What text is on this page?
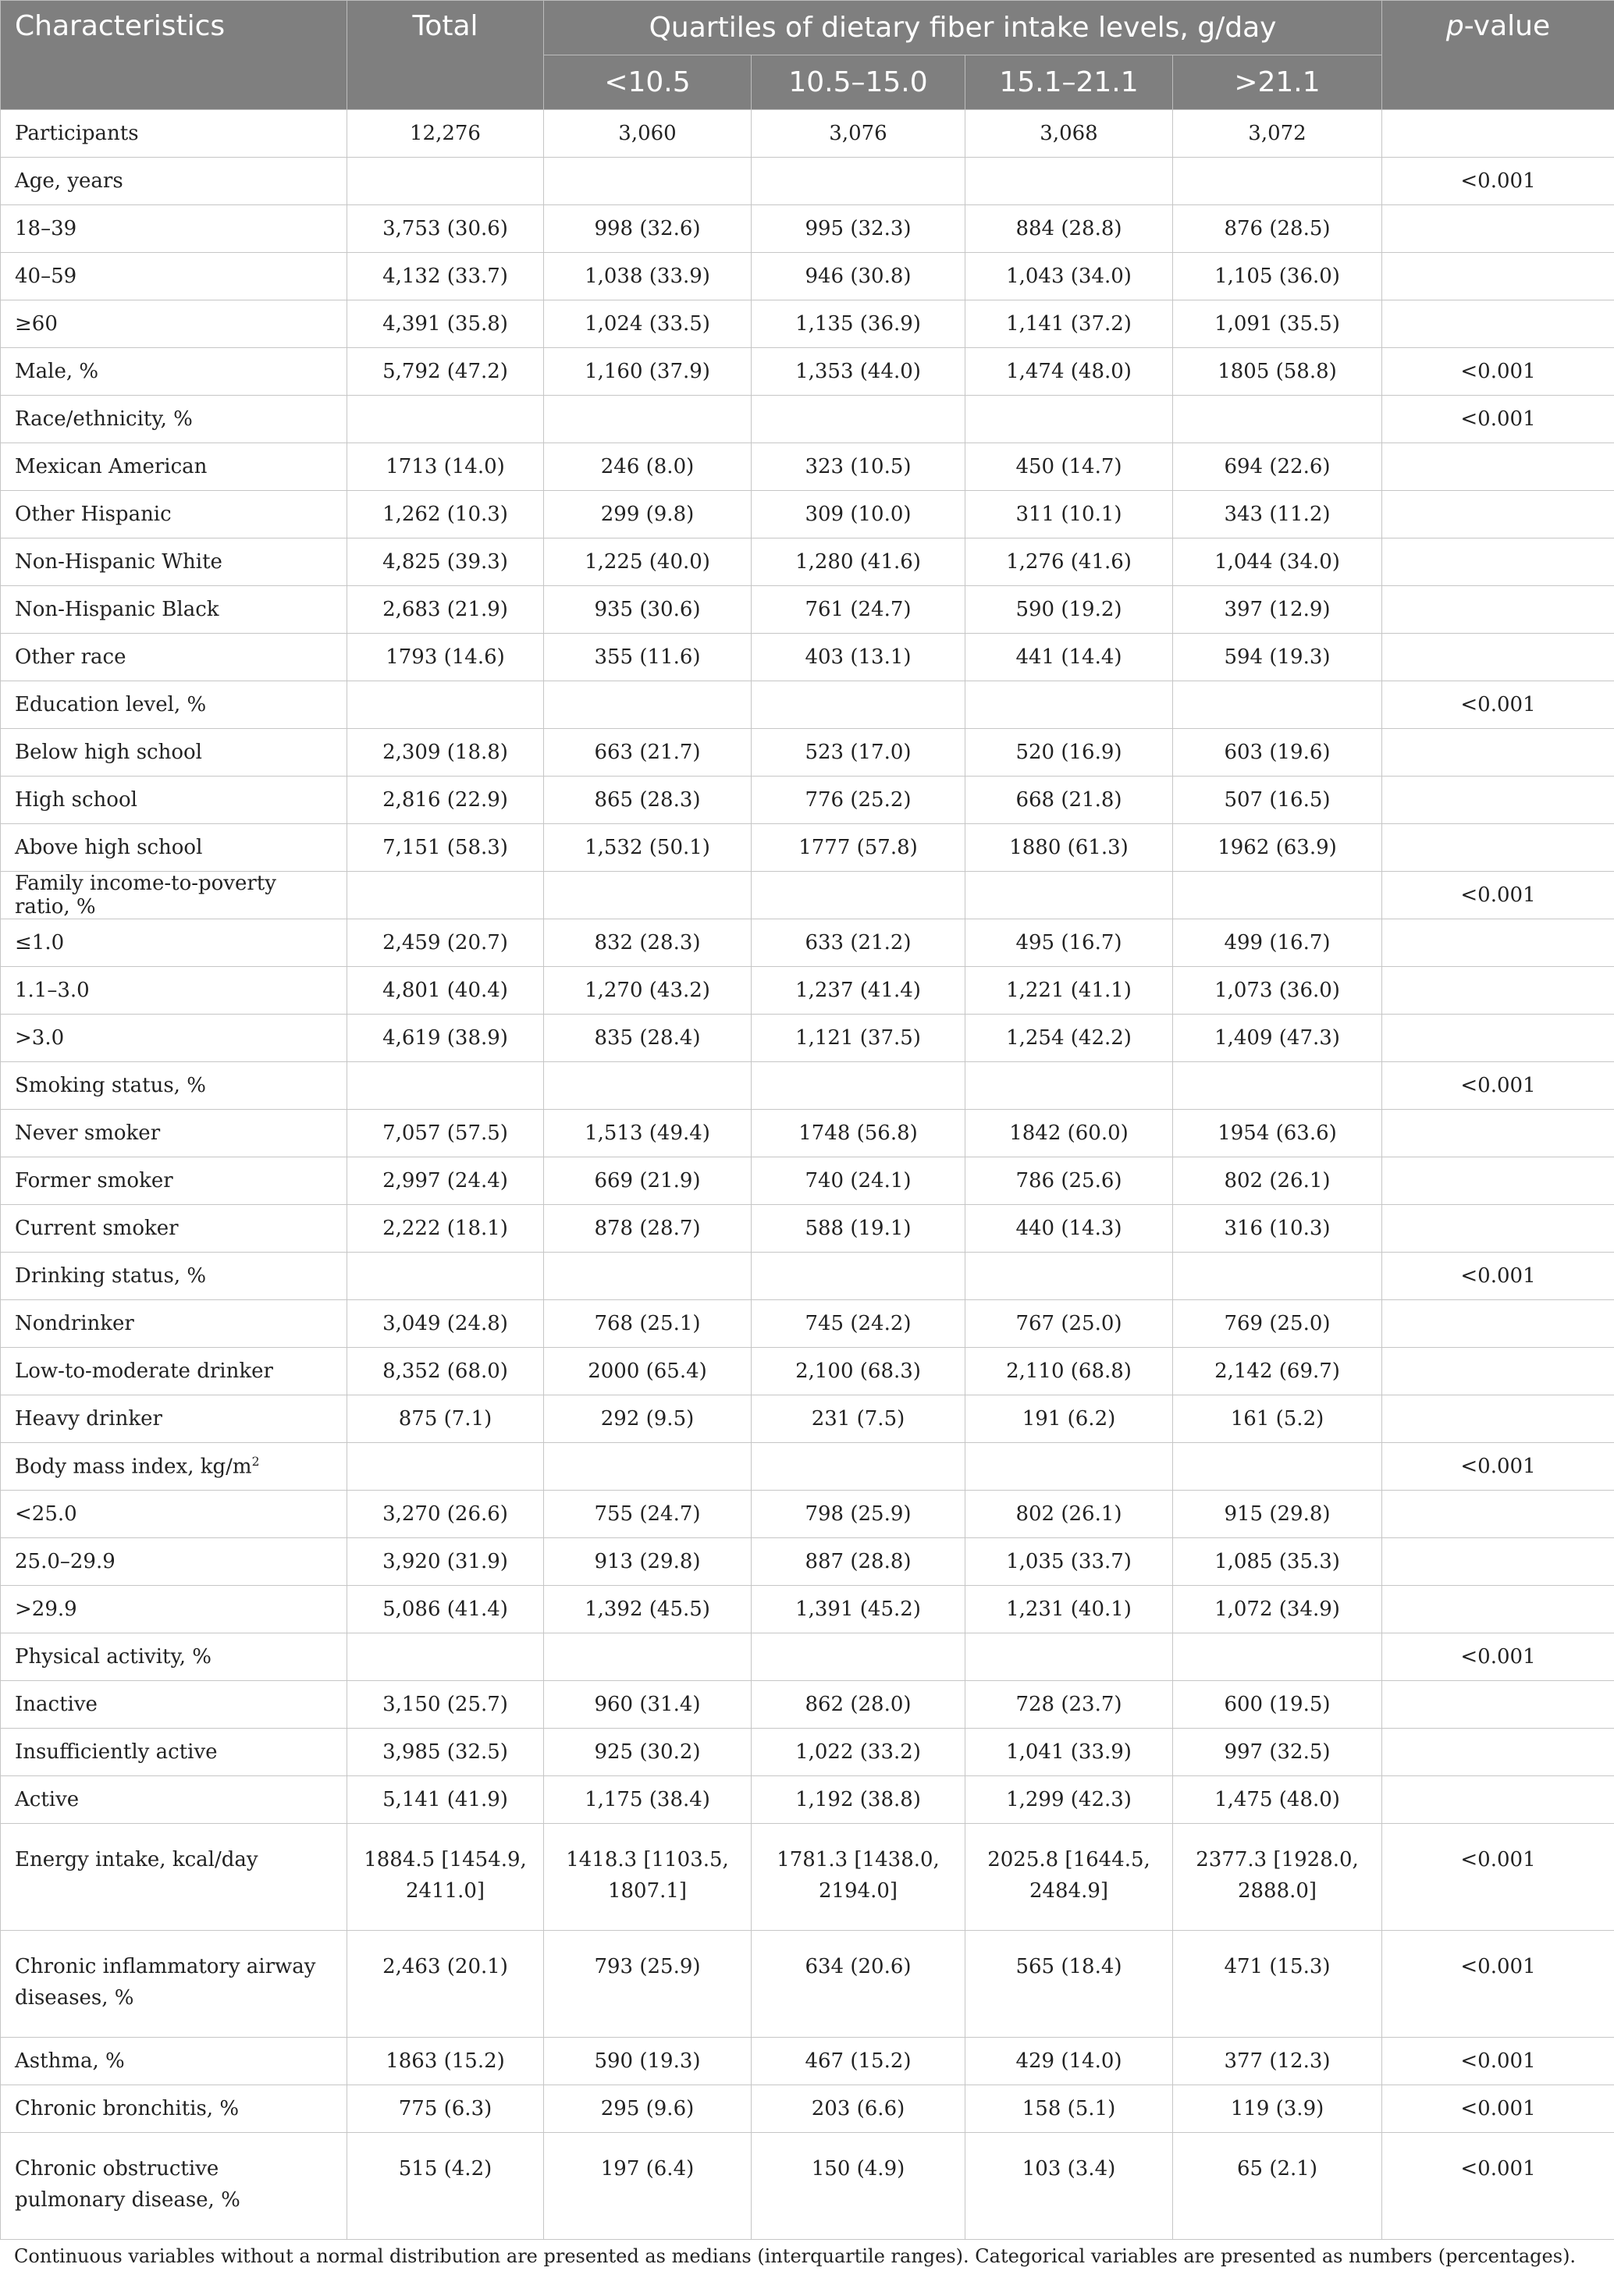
Characteristics	Total	Quartiles of dietary fiber intake levels, g/day				p-value
		<10.5	10.5–15.0	15.1–21.1	>21.1	
Participants	12,276	3,060	3,076	3,068	3,072	
Age, years						<0.001
18–39	3,753 (30.6)	998 (32.6)	995 (32.3)	884 (28.8)	876 (28.5)	
40–59	4,132 (33.7)	1,038 (33.9)	946 (30.8)	1,043 (34.0)	1,105 (36.0)	
≥60	4,391 (35.8)	1,024 (33.5)	1,135 (36.9)	1,141 (37.2)	1,091 (35.5)	
Male, %	5,792 (47.2)	1,160 (37.9)	1,353 (44.0)	1,474 (48.0)	1805 (58.8)	<0.001
Race/ethnicity, %						<0.001
Mexican American	1713 (14.0)	246 (8.0)	323 (10.5)	450 (14.7)	694 (22.6)	
Other Hispanic	1,262 (10.3)	299 (9.8)	309 (10.0)	311 (10.1)	343 (11.2)	
Non-Hispanic White	4,825 (39.3)	1,225 (40.0)	1,280 (41.6)	1,276 (41.6)	1,044 (34.0)	
Non-Hispanic Black	2,683 (21.9)	935 (30.6)	761 (24.7)	590 (19.2)	397 (12.9)	
Other race	1793 (14.6)	355 (11.6)	403 (13.1)	441 (14.4)	594 (19.3)	
Education level, %						<0.001
Below high school	2,309 (18.8)	663 (21.7)	523 (17.0)	520 (16.9)	603 (19.6)	
High school	2,816 (22.9)	865 (28.3)	776 (25.2)	668 (21.8)	507 (16.5)	
Above high school	7,151 (58.3)	1,532 (50.1)	1777 (57.8)	1880 (61.3)	1962 (63.9)	
Family income-to-poverty ratio, %						<0.001
≤1.0	2,459 (20.7)	832 (28.3)	633 (21.2)	495 (16.7)	499 (16.7)	
1.1–3.0	4,801 (40.4)	1,270 (43.2)	1,237 (41.4)	1,221 (41.1)	1,073 (36.0)	
>3.0	4,619 (38.9)	835 (28.4)	1,121 (37.5)	1,254 (42.2)	1,409 (47.3)	
Smoking status, %						<0.001
Never smoker	7,057 (57.5)	1,513 (49.4)	1748 (56.8)	1842 (60.0)	1954 (63.6)	
Former smoker	2,997 (24.4)	669 (21.9)	740 (24.1)	786 (25.6)	802 (26.1)	
Current smoker	2,222 (18.1)	878 (28.7)	588 (19.1)	440 (14.3)	316 (10.3)	
Drinking status, %						<0.001
Nondrinker	3,049 (24.8)	768 (25.1)	745 (24.2)	767 (25.0)	769 (25.0)	
Low-to-moderate drinker	8,352 (68.0)	2000 (65.4)	2,100 (68.3)	2,110 (68.8)	2,142 (69.7)	
Heavy drinker	875 (7.1)	292 (9.5)	231 (7.5)	191 (6.2)	161 (5.2)	
Body mass index, $kg/m^2$						<0.001
<25.0	3,270 (26.6)	755 (24.7)	798 (25.9)	802 (26.1)	915 (29.8)	
25.0–29.9	3,920 (31.9)	913 (29.8)	887 (28.8)	1,035 (33.7)	1,085 (35.3)	
>29.9	5,086 (41.4)	1,392 (45.5)	1,391 (45.2)	1,231 (40.1)	1,072 (34.9)	
Physical activity, %						<0.001
Inactive	3,150 (25.7)	960 (31.4)	862 (28.0)	728 (23.7)	600 (19.5)	
Insufficiently active	3,985 (32.5)	925 (30.2)	1,022 (33.2)	1,041 (33.9)	997 (32.5)	
Active	5,141 (41.9)	1,175 (38.4)	1,192 (38.8)	1,299 (42.3)	1,475 (48.0)	
Energy intake, kcal/day	1884.5 [1454.9, 2411.0]	1418.3 [1103.5, 1807.1]	1781.3 [1438.0, 2194.0]	2025.8 [1644.5, 2484.9]	2377.3 [1928.0, 2888.0]	<0.001
Chronic inflammatory airway diseases, %	2,463 (20.1)	793 (25.9)	634 (20.6)	565 (18.4)	471 (15.3)	<0.001
Asthma, %	1863 (15.2)	590 (19.3)	467 (15.2)	429 (14.0)	377 (12.3)	<0.001
Chronic bronchitis, %	775 (6.3)	295 (9.6)	203 (6.6)	158 (5.1)	119 (3.9)	<0.001
Chronic obstructive pulmonary disease, %	515 (4.2)	197 (6.4)	150 (4.9)	103 (3.4)	65 (2.1)	<0.001
Continuous variables without a normal distribution are presented as medians (interquartile ranges). Categorical variables are presented as numbers (percentages).
